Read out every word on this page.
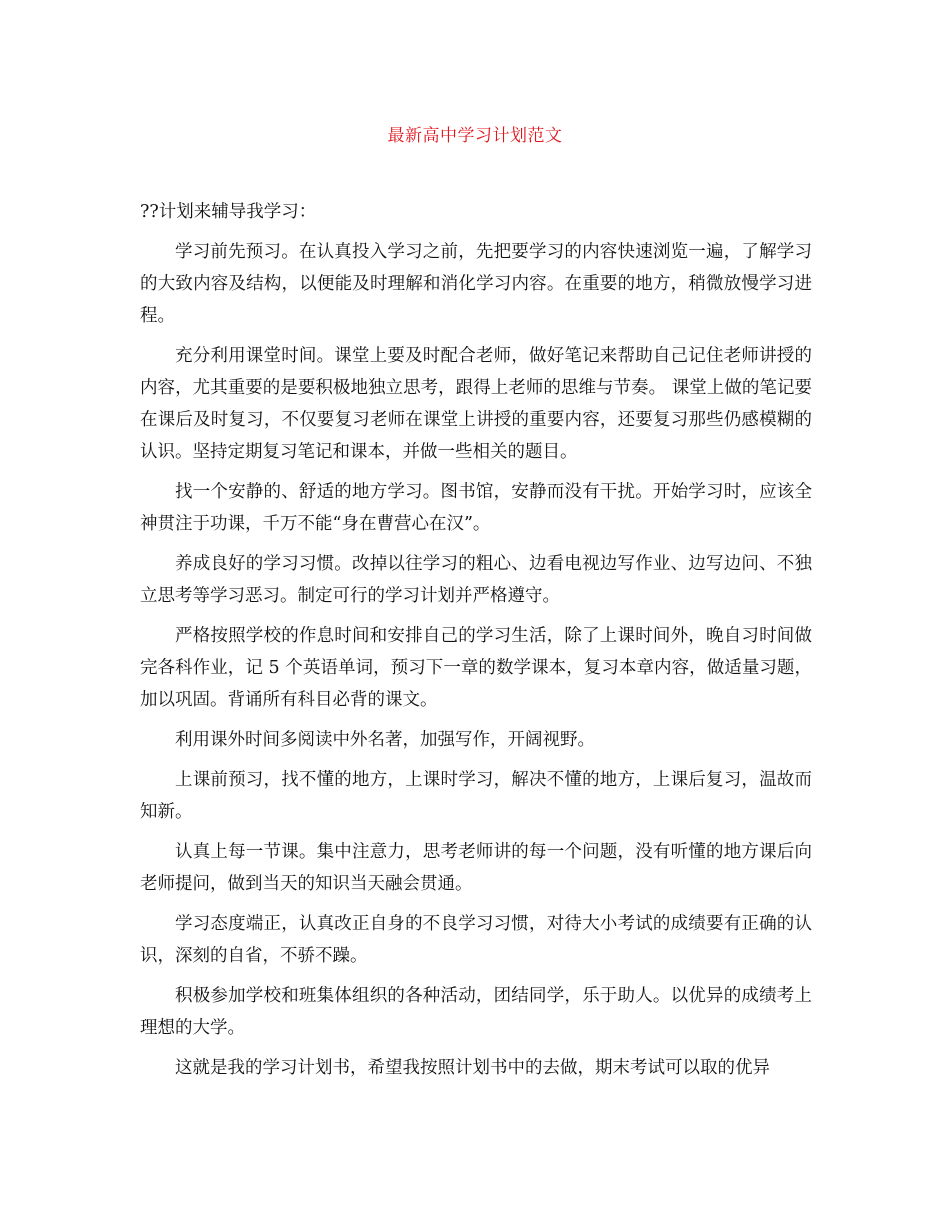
最新高中学习计划范文

??计划来辅导我学习：

学习前先预习。在认真投入学习之前，先把要学习的内容快速浏览一遍，了解学习的大致内容及结构，以便能及时理解和消化学习内容。在重要的地方，稍微放慢学习进程。

充分利用课堂时间。课堂上要及时配合老师，做好笔记来帮助自己记住老师讲授的内容，尤其重要的是要积极地独立思考，跟得上老师的思维与节奏。 课堂上做的笔记要在课后及时复习，不仅要复习老师在课堂上讲授的重要内容，还要复习那些仍感模糊的认识。坚持定期复习笔记和课本，并做一些相关的题目。

找一个安静的、舒适的地方学习。图书馆，安静而没有干扰。开始学习时，应该全神贯注于功课，千万不能“身在曹营心在汉”。

养成良好的学习习惯。改掉以往学习的粗心、边看电视边写作业、边写边问、不独立思考等学习恶习。制定可行的学习计划并严格遵守。

严格按照学校的作息时间和安排自己的学习生活，除了上课时间外，晚自习时间做完各科作业，记 5 个英语单词，预习下一章的数学课本，复习本章内容，做适量习题，加以巩固。背诵所有科目必背的课文。

利用课外时间多阅读中外名著，加强写作，开阔视野。

上课前预习，找不懂的地方，上课时学习，解决不懂的地方，上课后复习，温故而知新。

认真上每一节课。集中注意力，思考老师讲的每一个问题，没有听懂的地方课后向老师提问，做到当天的知识当天融会贯通。

学习态度端正，认真改正自身的不良学习习惯，对待大小考试的成绩要有正确的认识，深刻的自省，不骄不躁。

积极参加学校和班集体组织的各种活动，团结同学，乐于助人。以优异的成绩考上理想的大学。

这就是我的学习计划书，希望我按照计划书中的去做，期末考试可以取的优异
